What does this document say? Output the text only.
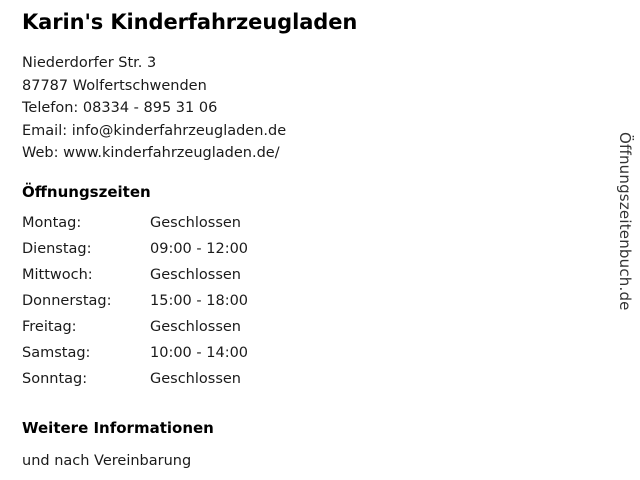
Karin's Kinderfahrzeugladen
Niederdorfer Str. 3
87787 Wolfertschwenden
Telefon: 08334 - 895 31 06
Email: info@kinderfahrzeugladen.de
Web: www.kinderfahrzeugladen.de/
Öffnungszeiten
Montag:	Geschlossen
Dienstag:	09:00 - 12:00
Mittwoch:	Geschlossen
Donnerstag:	15:00 - 18:00
Freitag:	Geschlossen
Samstag:	10:00 - 14:00
Sonntag:	Geschlossen
Weitere Informationen
und nach Vereinbarung
Öffnungszeitenbuch.de
